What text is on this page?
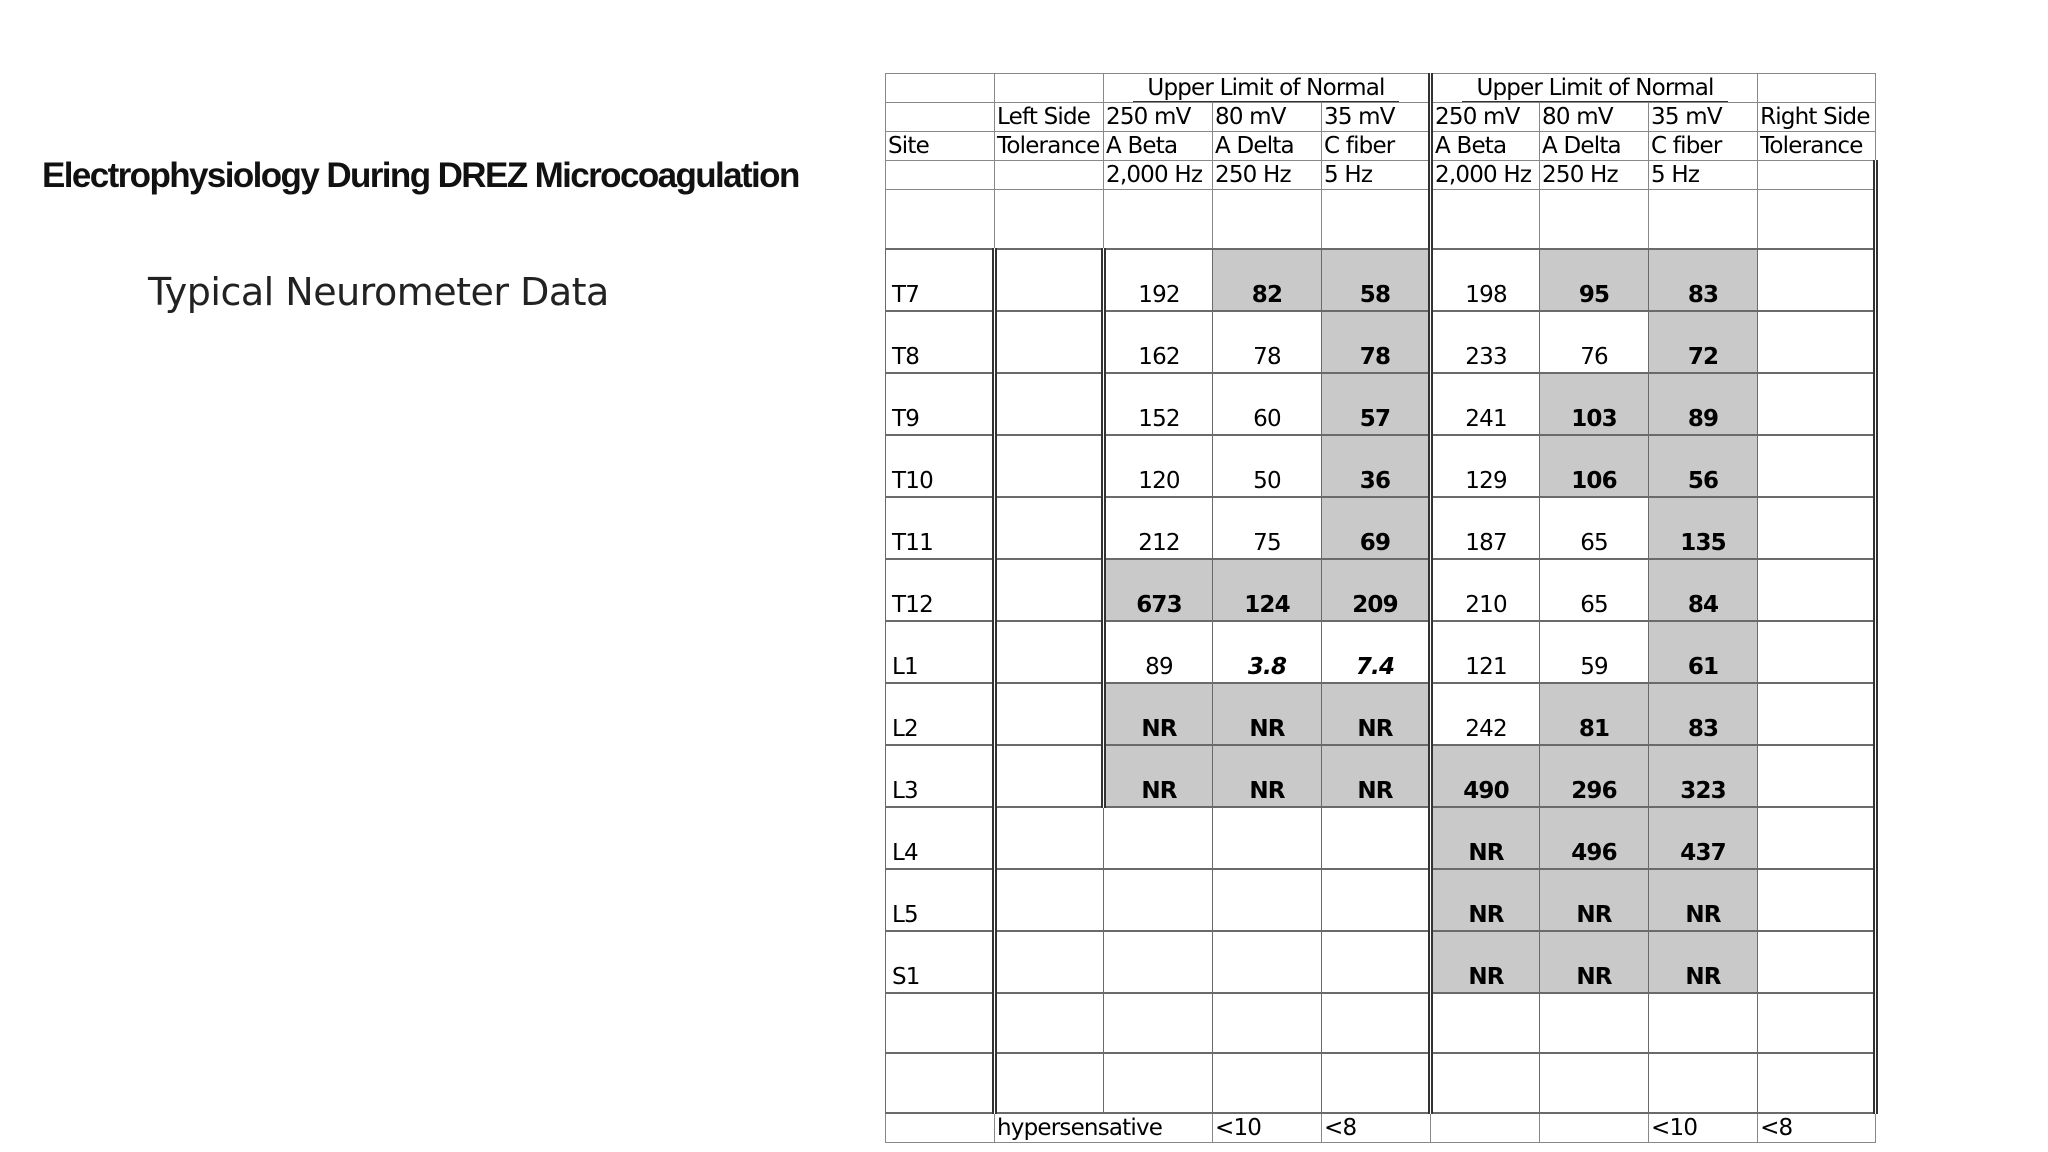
Electrophysiology During DREZ Microcoagulation
Typical Neurometer Data
		Upper Limit of Normal			Upper Limit of Normal			
	Left Side	250 mV	80 mV	35 mV	250 mV	80 mV	35 mV	Right Side
Site	Tolerance	A Beta	A Delta	C fiber	A Beta	A Delta	C fiber	Tolerance
		2,000 Hz	250 Hz	5 Hz	2,000 Hz	250 Hz	5 Hz	

T7		192	82	58	198	95	83	
T8		162	78	78	233	76	72	
T9		152	60	57	241	103	89	
T10		120	50	36	129	106	56	
T11		212	75	69	187	65	135	
T12		673	124	209	210	65	84	
L1		89	3.8	7.4	121	59	61	
L2		NR	NR	NR	242	81	83	
L3		NR	NR	NR	490	296	323	
L4					NR	496	437	
L5					NR	NR	NR	
S1					NR	NR	NR	

	hypersensative		<10	<8			<10	<8
